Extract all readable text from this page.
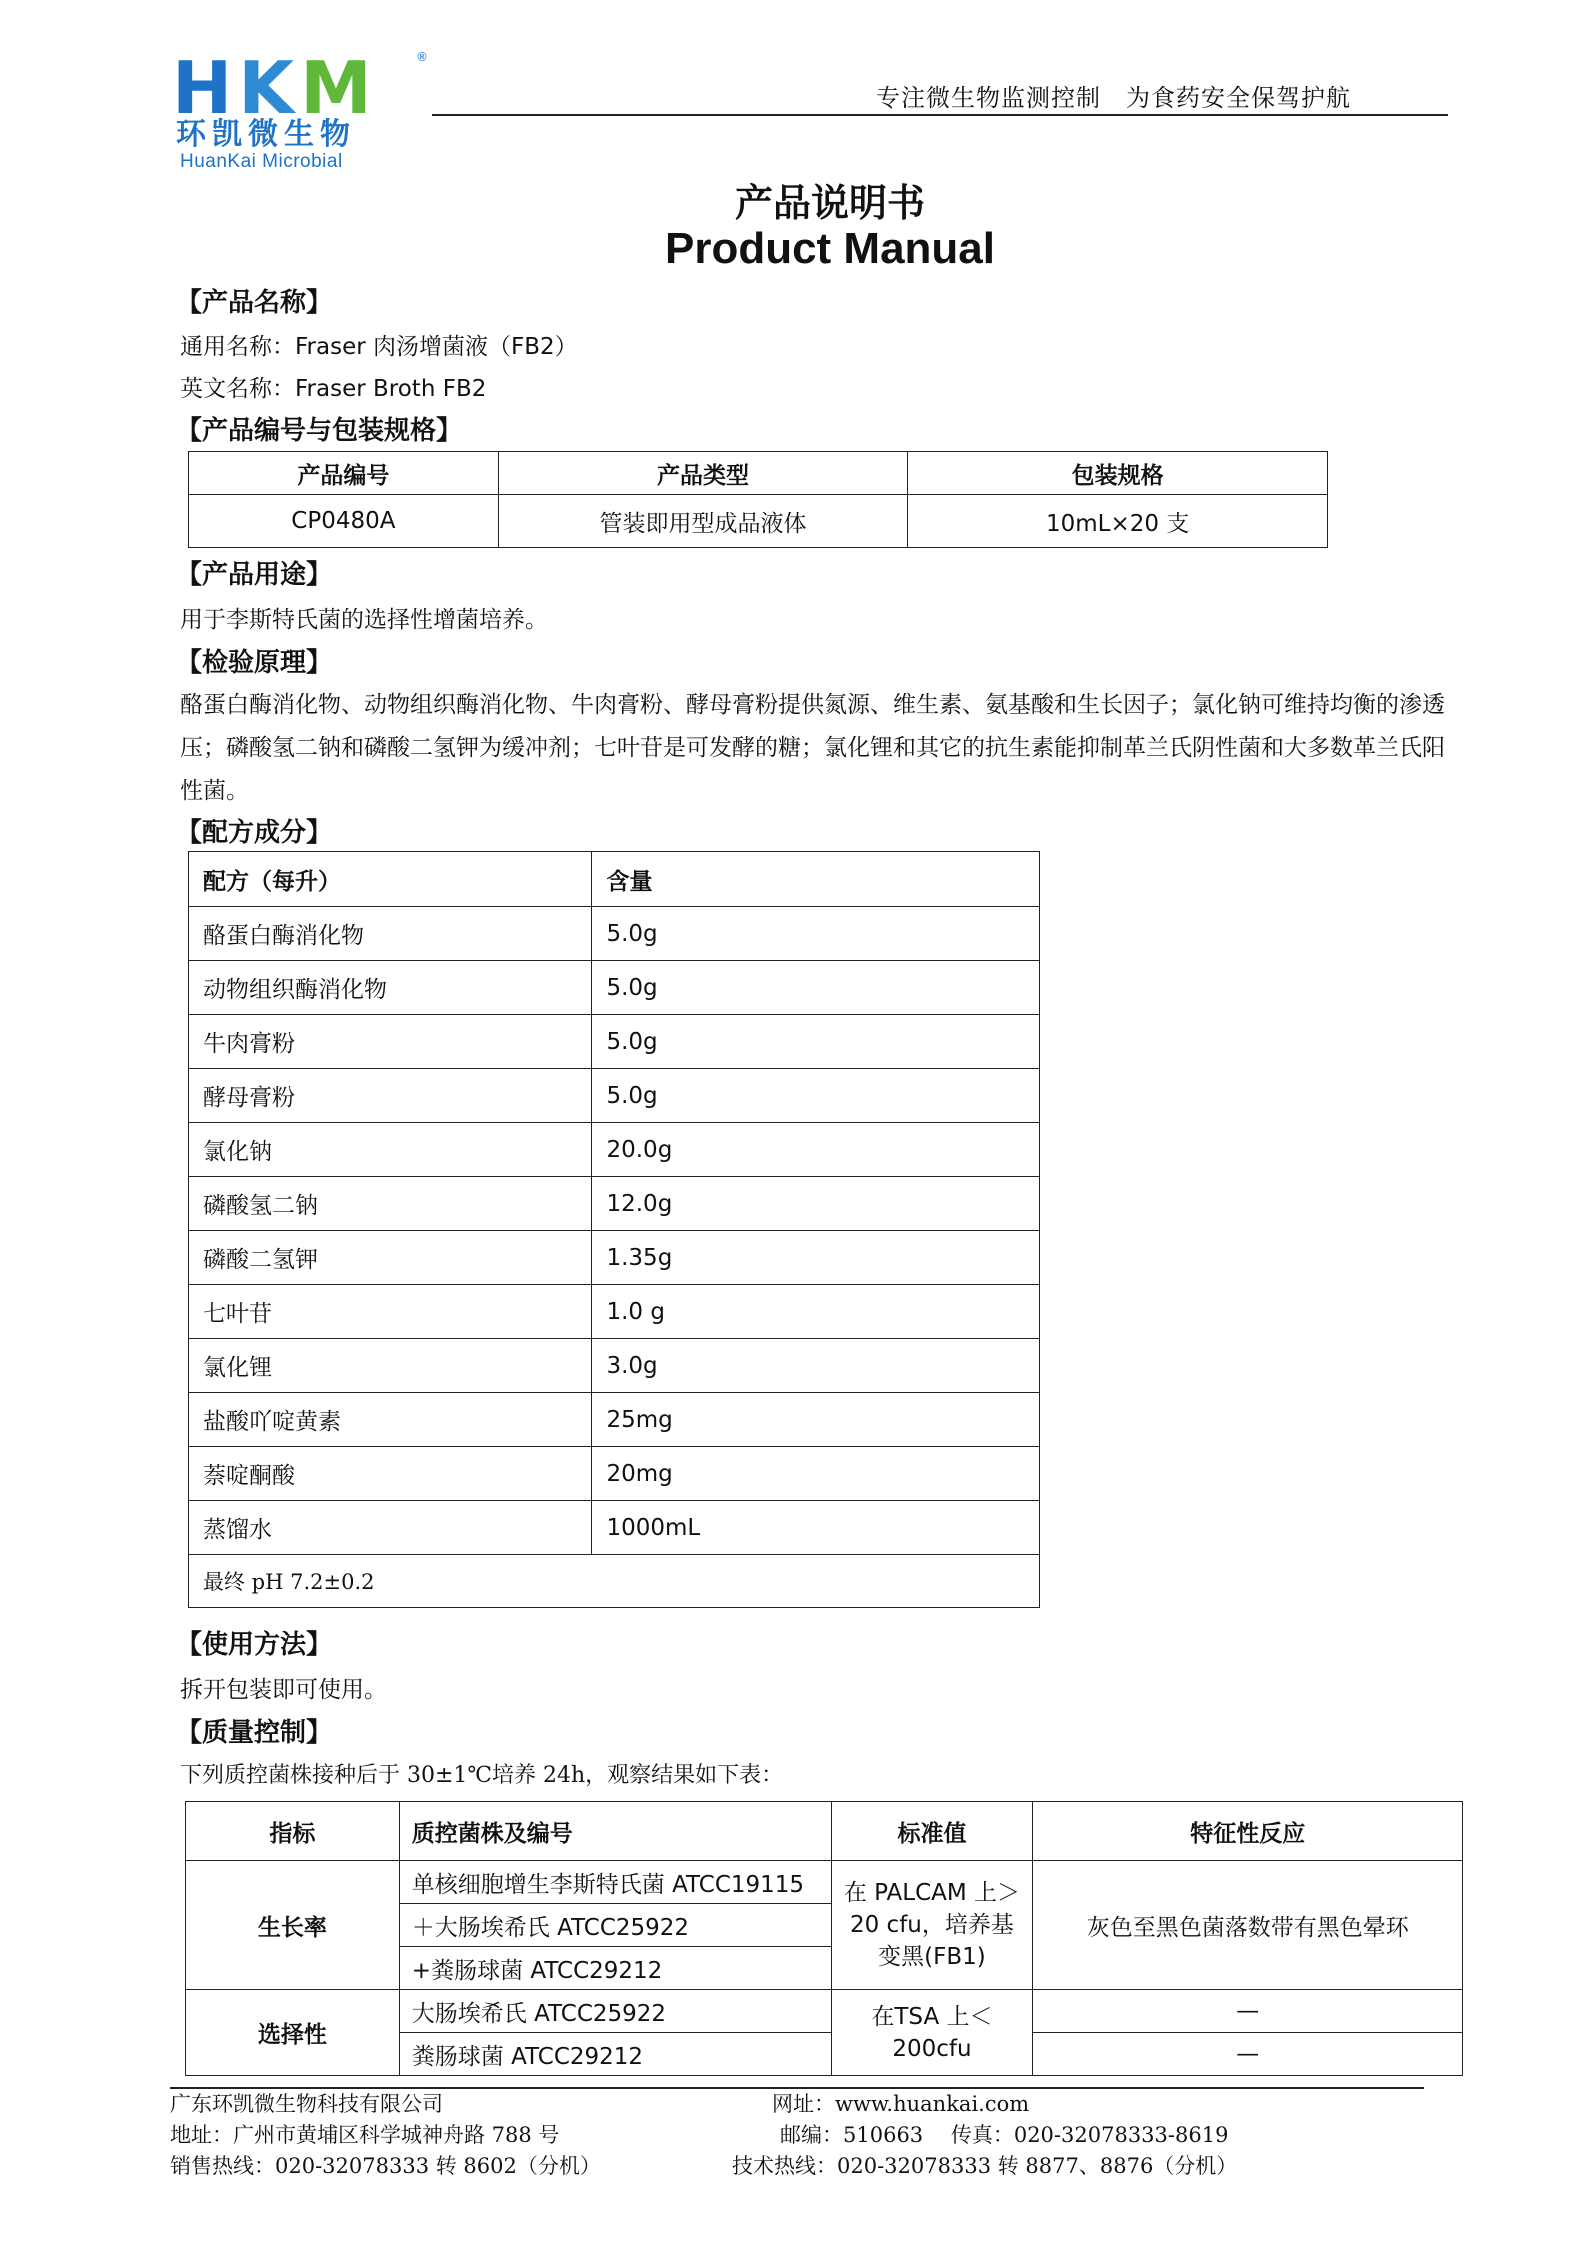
HKM	®
环凯微生物
HuanKai Microbial
专注微生物监测控制　为食药安全保驾护航
产品说明书
Product Manual
【产品名称】
通用名称：Fraser 肉汤增菌液（FB2）
英文名称：Fraser Broth FB2
【产品编号与包装规格】
产品编号	产品类型	包装规格
CP0480A	管装即用型成品液体	10mL×20 支
【产品用途】
用于李斯特氏菌的选择性增菌培养。
【检验原理】
酪蛋白酶消化物、动物组织酶消化物、牛肉膏粉、酵母膏粉提供氮源、维生素、氨基酸和生长因子；氯化钠可维持均衡的渗透压；磷酸氢二钠和磷酸二氢钾为缓冲剂；七叶苷是可发酵的糖；氯化锂和其它的抗生素能抑制革兰氏阴性菌和大多数革兰氏阳性菌。
【配方成分】
配方（每升）	含量
酪蛋白酶消化物	5.0g
动物组织酶消化物	5.0g
牛肉膏粉	5.0g
酵母膏粉	5.0g
氯化钠	20.0g
磷酸氢二钠	12.0g
磷酸二氢钾	1.35g
七叶苷	1.0 g
氯化锂	3.0g
盐酸吖啶黄素	25mg
萘啶酮酸	20mg
蒸馏水	1000mL
最终 pH 7.2±0.2	
【使用方法】
拆开包装即可使用。
【质量控制】
下列质控菌株接种后于 30±1℃培养 24h，观察结果如下表：
指标	质控菌株及编号	标准值	特征性反应
生长率	单核细胞增生李斯特氏菌 ATCC19115	在 PALCAM 上＞20 cfu，培养基变黑(FB1)	灰色至黑色菌落数带有黑色晕环
	＋大肠埃希氏 ATCC25922		
	+粪肠球菌 ATCC29212		
选择性	大肠埃希氏 ATCC25922	在TSA 上＜200cfu	—
	粪肠球菌 ATCC29212		—
广东环凯微生物科技有限公司
地址：广州市黄埔区科学城神舟路 788 号
销售热线：020-32078333 转 8602（分机）
网址：www.huankai.com
邮编：510663　 传真：020-32078333-8619
技术热线：020-32078333 转 8877、8876（分机）
